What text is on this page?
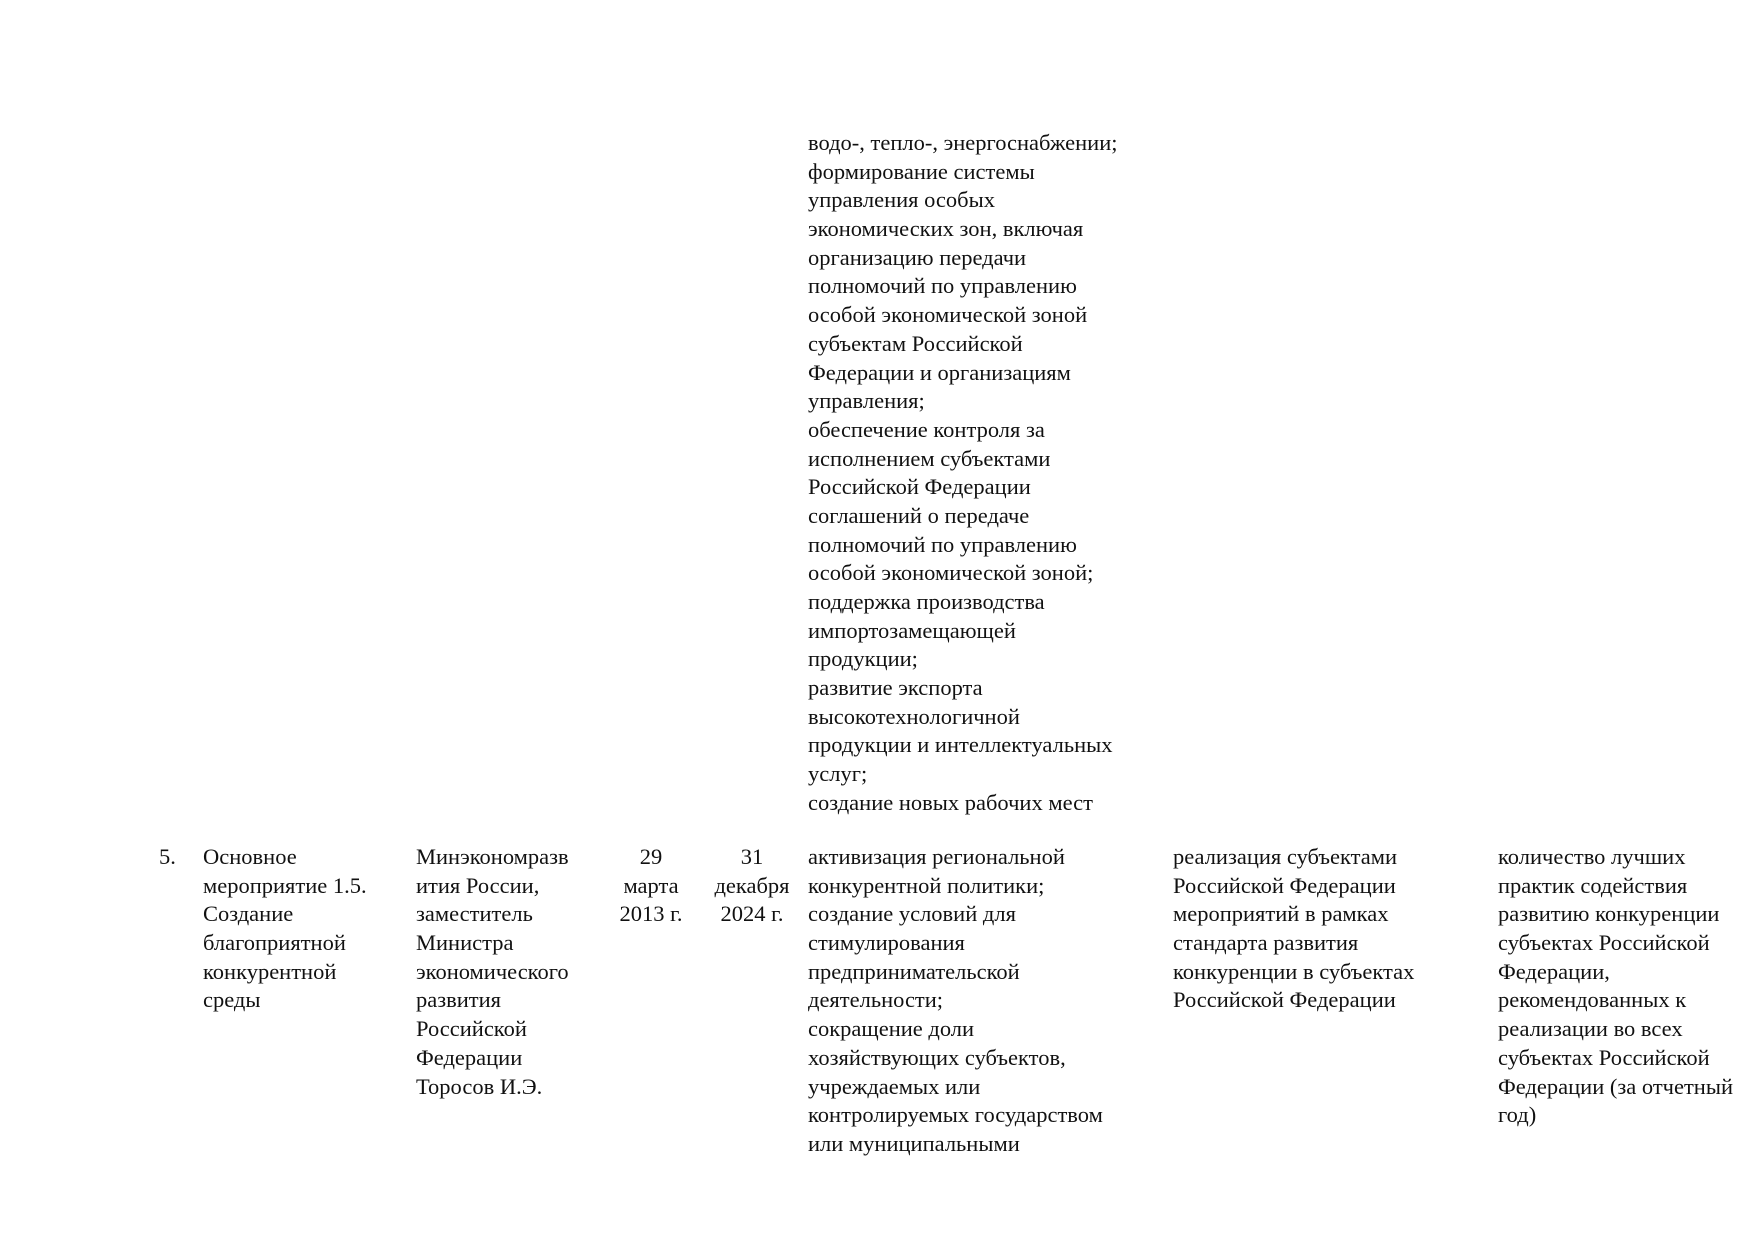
водо-, тепло-, энергоснабжении;
формирование системы
управления особых
экономических зон, включая
организацию передачи
полномочий по управлению
особой экономической зоной
субъектам Российской
Федерации и организациям
управления;
обеспечение контроля за
исполнением субъектами
Российской Федерации
соглашений о передаче
полномочий по управлению
особой экономической зоной;
поддержка производства
импортозамещающей
продукции;
развитие экспорта
высокотехнологичной
продукции и интеллектуальных
услуг;
создание новых рабочих мест
5. Основное
мероприятие 1.5.
Создание
благоприятной
конкурентной
среды
Минэкономразв
ития России,
заместитель
Министра
экономического
развития
Российской
Федерации
Торосов И.Э.
29
марта
2013 г.
31
декабря
2024 г.
активизация региональной
конкурентной политики;
создание условий для
стимулирования
предпринимательской
деятельности;
сокращение доли
хозяйствующих субъектов,
учреждаемых или
контролируемых государством
или муниципальными
реализация субъектами
Российской Федерации
мероприятий в рамках
стандарта развития
конкуренции в субъектах
Российской Федерации
количество лучших
практик содействия
развитию конкуренции
субъектах Российской
Федерации,
рекомендованных к
реализации во всех
субъектах Российской
Федерации (за отчетный
год)
